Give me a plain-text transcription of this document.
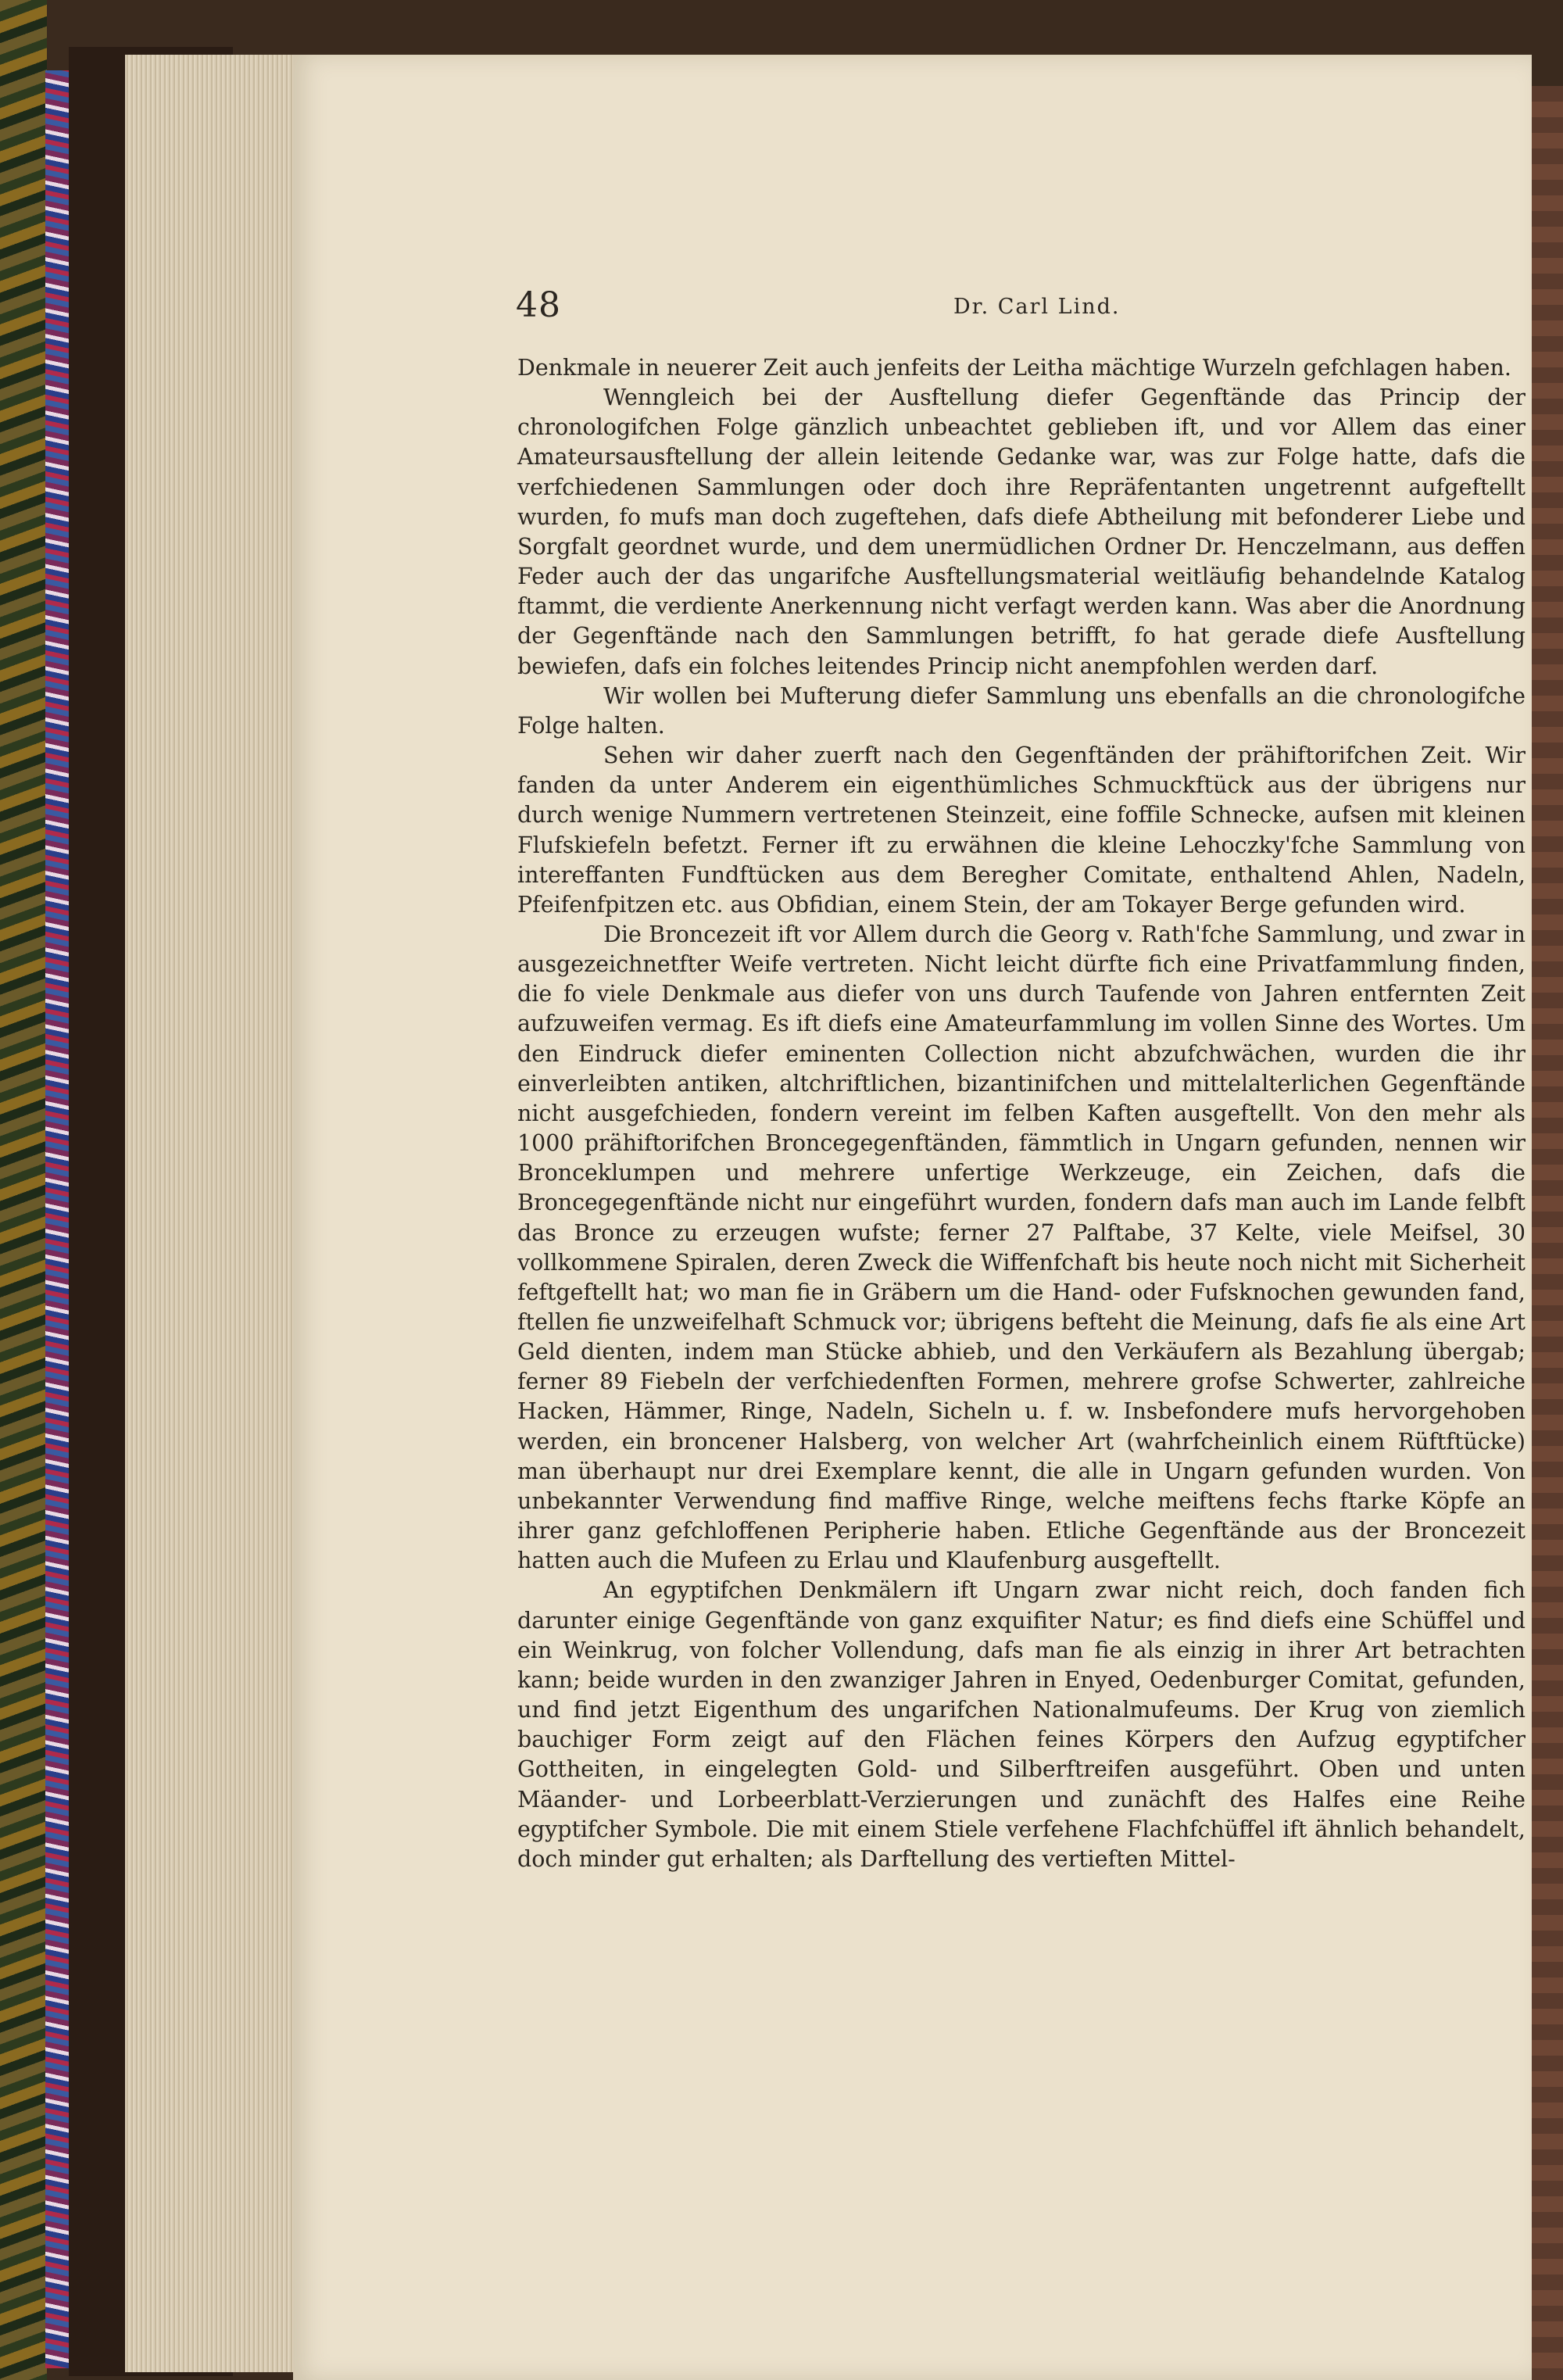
48	Dr. Carl Lind.

Denkmale in neuerer Zeit auch jenfeits der Leitha mächtige Wurzeln gefchlagen haben.

Wenngleich bei der Ausftellung diefer Gegenftände das Princip der chronologifchen Folge gänzlich unbeachtet geblieben ift, und vor Allem das einer Amateursausftellung der allein leitende Gedanke war, was zur Folge hatte, dafs die verfchiedenen Sammlungen oder doch ihre Repräfentanten ungetrennt aufgeftellt wurden, fo mufs man doch zugeftehen, dafs diefe Abtheilung mit befonderer Liebe und Sorgfalt geordnet wurde, und dem unermüdlichen Ordner Dr. Henczelmann, aus deffen Feder auch der das ungarifche Ausftellungsmaterial weitläufig behandelnde Katalog ftammt, die verdiente Anerkennung nicht verfagt werden kann. Was aber die Anordnung der Gegenftände nach den Sammlungen betrifft, fo hat gerade diefe Ausftellung bewiefen, dafs ein folches leitendes Princip nicht anempfohlen werden darf.

Wir wollen bei Mufterung diefer Sammlung uns ebenfalls an die chronologifche Folge halten.

Sehen wir daher zuerft nach den Gegenftänden der prähiftorifchen Zeit. Wir fanden da unter Anderem ein eigenthümliches Schmuckftück aus der übrigens nur durch wenige Nummern vertretenen Steinzeit, eine foffile Schnecke, aufsen mit kleinen Flufskiefeln befetzt. Ferner ift zu erwähnen die kleine Lehoczky'fche Sammlung von intereffanten Fundftücken aus dem Beregher Comitate, enthaltend Ahlen, Nadeln, Pfeifenfpitzen etc. aus Obfidian, einem Stein, der am Tokayer Berge gefunden wird.

Die Broncezeit ift vor Allem durch die Georg v. Rath'fche Sammlung, und zwar in ausgezeichnetfter Weife vertreten. Nicht leicht dürfte fich eine Privatfammlung finden, die fo viele Denkmale aus diefer von uns durch Taufende von Jahren entfernten Zeit aufzuweifen vermag. Es ift diefs eine Amateurfammlung im vollen Sinne des Wortes. Um den Eindruck diefer eminenten Collection nicht abzufchwächen, wurden die ihr einverleibten antiken, altchriftlichen, bizantinifchen und mittelalterlichen Gegenftände nicht ausgefchieden, fondern vereint im felben Kaften ausgeftellt. Von den mehr als 1000 prähiftorifchen Broncegegenftänden, fämmtlich in Ungarn gefunden, nennen wir Bronceklumpen und mehrere unfertige Werkzeuge, ein Zeichen, dafs die Broncegegenftände nicht nur eingeführt wurden, fondern dafs man auch im Lande felbft das Bronce zu erzeugen wufste; ferner 27 Palftabe, 37 Kelte, viele Meifsel, 30 vollkommene Spiralen, deren Zweck die Wiffenfchaft bis heute noch nicht mit Sicherheit feftgeftellt hat; wo man fie in Gräbern um die Hand- oder Fufsknochen gewunden fand, ftellen fie unzweifelhaft Schmuck vor; übrigens befteht die Meinung, dafs fie als eine Art Geld dienten, indem man Stücke abhieb, und den Verkäufern als Bezahlung übergab; ferner 89 Fiebeln der verfchiedenften Formen, mehrere grofse Schwerter, zahlreiche Hacken, Hämmer, Ringe, Nadeln, Sicheln u. f. w. Insbefondere mufs hervorgehoben werden, ein broncener Halsberg, von welcher Art (wahrfcheinlich einem Rüftftücke) man überhaupt nur drei Exemplare kennt, die alle in Ungarn gefunden wurden. Von unbekannter Verwendung find maffive Ringe, welche meiftens fechs ftarke Köpfe an ihrer ganz gefchloffenen Peripherie haben. Etliche Gegenftände aus der Broncezeit hatten auch die Mufeen zu Erlau und Klaufenburg ausgeftellt.

An egyptifchen Denkmälern ift Ungarn zwar nicht reich, doch fanden fich darunter einige Gegenftände von ganz exquifiter Natur; es find diefs eine Schüffel und ein Weinkrug, von folcher Vollendung, dafs man fie als einzig in ihrer Art betrachten kann; beide wurden in den zwanziger Jahren in Enyed, Oedenburger Comitat, gefunden, und find jetzt Eigenthum des ungarifchen Nationalmufeums. Der Krug von ziemlich bauchiger Form zeigt auf den Flächen feines Körpers den Aufzug egyptifcher Gottheiten, in eingelegten Gold- und Silberftreifen ausgeführt. Oben und unten Mäander- und Lorbeerblatt-Verzierungen und zunächft des Halfes eine Reihe egyptifcher Symbole. Die mit einem Stiele verfehene Flachfchüffel ift ähnlich behandelt, doch minder gut erhalten; als Darftellung des vertieften Mittel-
